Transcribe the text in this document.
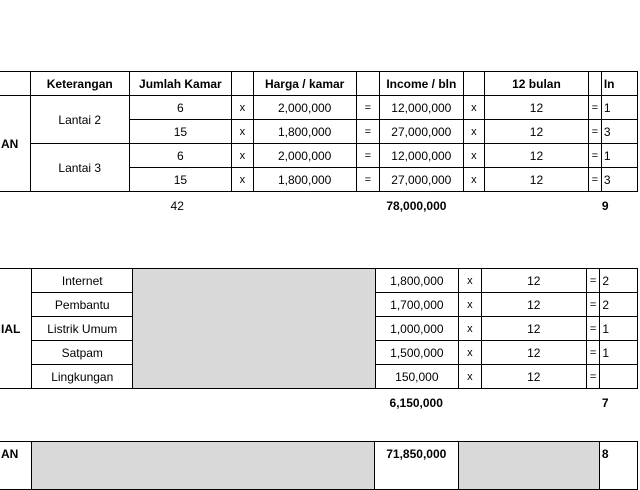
	Keterangan	Jumlah Kamar		Harga / kamar		Income / bln		12 bulan		In
AN	Lantai 2	6	x	2,000,000	=	12,000,000	x	12	=	1
		15	x	1,800,000	=	27,000,000	x	12	=	3
	Lantai 3	6	x	2,000,000	=	12,000,000	x	12	=	1
		15	x	1,800,000	=	27,000,000	x	12	=	3
		42				78,000,000				9
IAL	Internet		1,800,000	x	12	=	2
	Pembantu		1,700,000	x	12	=	2
	Listrik Umum		1,000,000	x	12	=	1
	Satpam		1,500,000	x	12	=	1
	Lingkungan		150,000	x	12	=	
						6,150,000				7
AN		71,850,000		8
